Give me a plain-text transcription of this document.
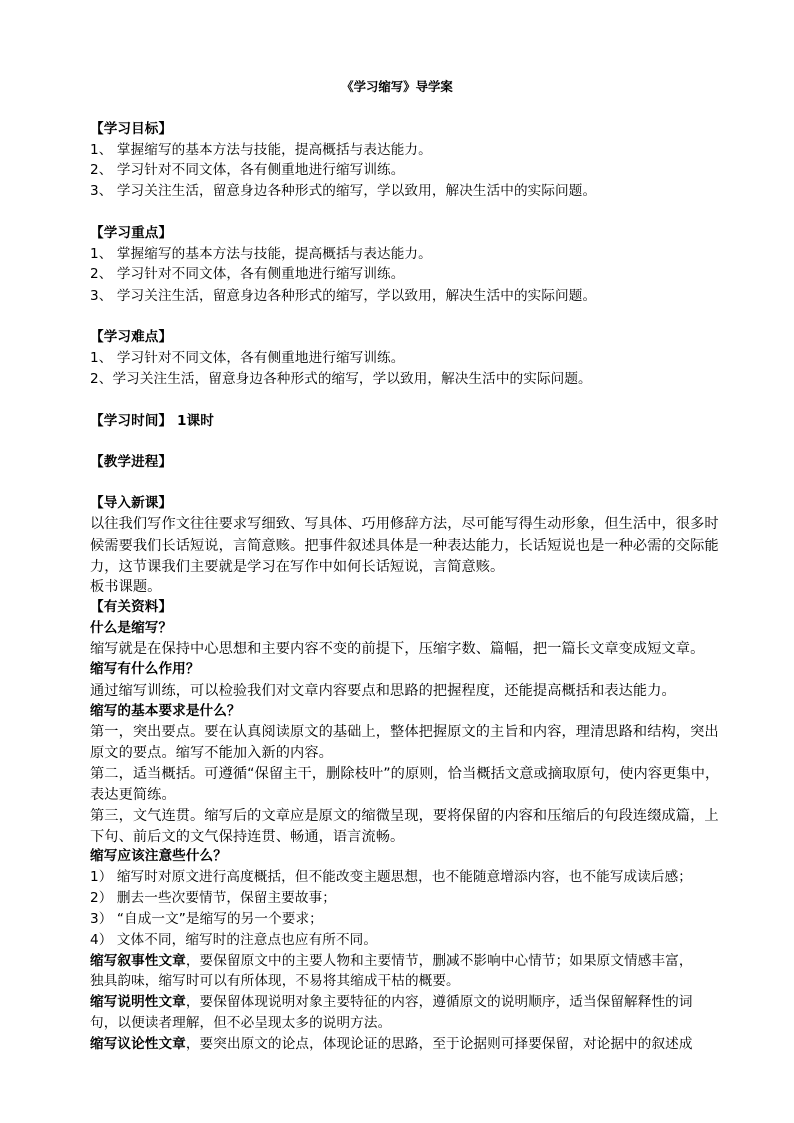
《学习缩写》导学案
【学习目标】
1、 掌握缩写的基本方法与技能，提高概括与表达能力。
2、 学习针对不同文体，各有侧重地进行缩写训练。
3、 学习关注生活，留意身边各种形式的缩写，学以致用，解决生活中的实际问题。
【学习重点】
1、 掌握缩写的基本方法与技能，提高概括与表达能力。
2、 学习针对不同文体，各有侧重地进行缩写训练。
3、 学习关注生活，留意身边各种形式的缩写，学以致用，解决生活中的实际问题。
【学习难点】
1、 学习针对不同文体，各有侧重地进行缩写训练。
2、学习关注生活，留意身边各种形式的缩写，学以致用，解决生活中的实际问题。
【学习时间】 1课时
【教学进程】
【导入新课】
以往我们写作文往往要求写细致、写具体、巧用修辞方法，尽可能写得生动形象，但生活中，很多时
候需要我们长话短说，言简意赅。把事件叙述具体是一种表达能力，长话短说也是一种必需的交际能
力，这节课我们主要就是学习在写作中如何长话短说，言简意赅。
板书课题。
【有关资料】
什么是缩写？
缩写就是在保持中心思想和主要内容不变的前提下，压缩字数、篇幅，把一篇长文章变成短文章。
缩写有什么作用？
通过缩写训练，可以检验我们对文章内容要点和思路的把握程度，还能提高概括和表达能力。
缩写的基本要求是什么？
第一，突出要点。要在认真阅读原文的基础上，整体把握原文的主旨和内容，理清思路和结构，突出
原文的要点。缩写不能加入新的内容。
第二，适当概括。可遵循“保留主干，删除枝叶”的原则，恰当概括文意或摘取原句，使内容更集中，
表达更简练。
第三，文气连贯。缩写后的文章应是原文的缩微呈现，要将保留的内容和压缩后的句段连缀成篇，上
下句、前后文的文气保持连贯、畅通，语言流畅。
缩写应该注意些什么？
1） 缩写时对原文进行高度概括，但不能改变主题思想，也不能随意增添内容，也不能写成读后感；
2） 删去一些次要情节，保留主要故事；
3） “自成一文”是缩写的另一个要求；
4） 文体不同，缩写时的注意点也应有所不同。
缩写叙事性文章，要保留原文中的主要人物和主要情节，删减不影响中心情节；如果原文情感丰富，
独具韵味，缩写时可以有所体现，不易将其缩成干枯的概要。
缩写说明性文章，要保留体现说明对象主要特征的内容，遵循原文的说明顺序，适当保留解释性的词
句，以便读者理解，但不必呈现太多的说明方法。
缩写议论性文章，要突出原文的论点，体现论证的思路，至于论据则可择要保留，对论据中的叙述成
